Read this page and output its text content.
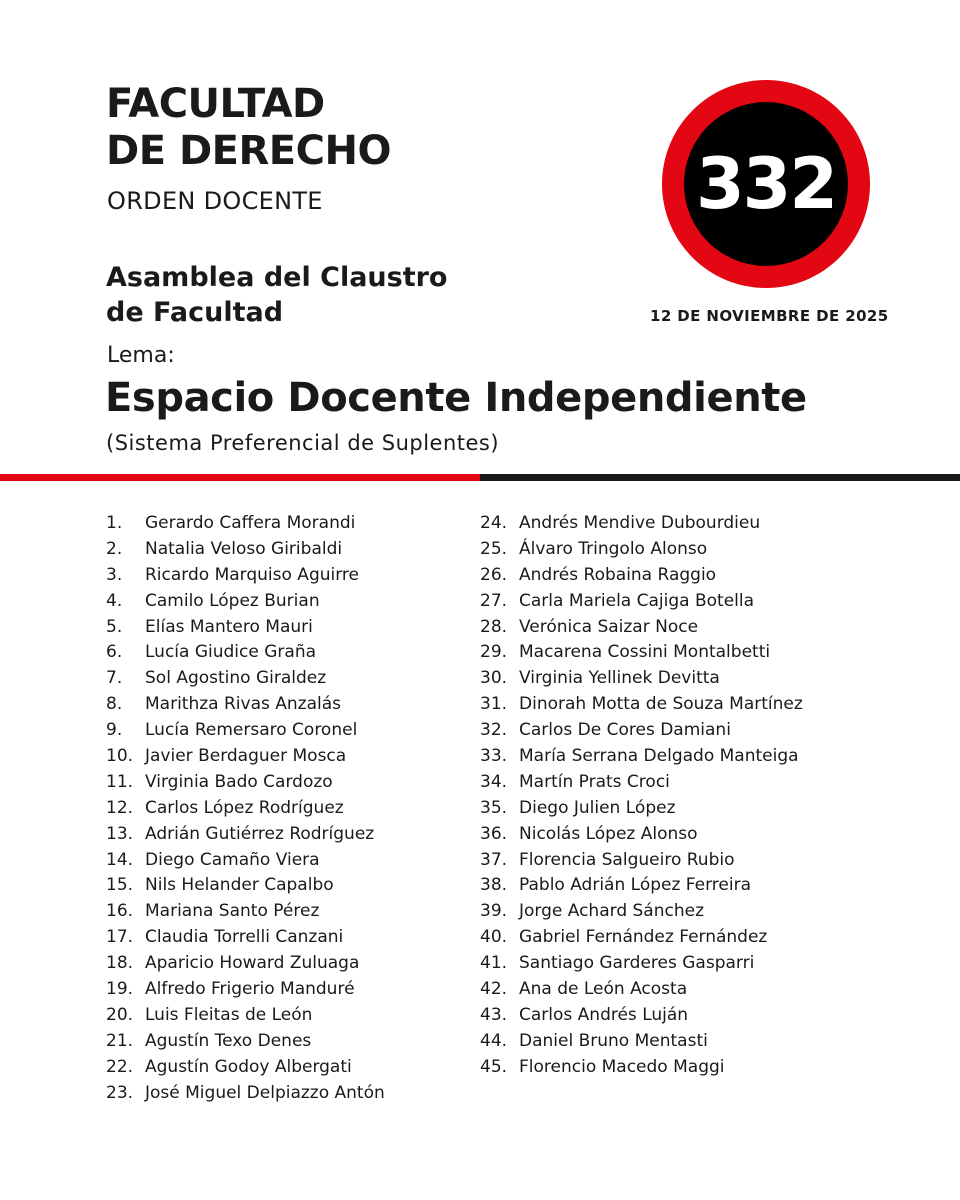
FACULTAD
DE DERECHO
ORDEN DOCENTE	332
12 DE NOVIEMBRE DE 2025
Asamblea del Claustro
de Facultad
Lema:
Espacio Docente Independiente
(Sistema Preferencial de Suplentes)
1. Gerardo Caffera Morandi
2. Natalia Veloso Giribaldi
3. Ricardo Marquiso Aguirre
4. Camilo López Burian
5. Elías Mantero Mauri
6. Lucía Giudice Graña
7. Sol Agostino Giraldez
8. Marithza Rivas Anzalás
9. Lucía Remersaro Coronel
10. Javier Berdaguer Mosca
11. Virginia Bado Cardozo
12. Carlos López Rodríguez
13. Adrián Gutiérrez Rodríguez
14. Diego Camaño Viera
15. Nils Helander Capalbo
16. Mariana Santo Pérez
17. Claudia Torrelli Canzani
18. Aparicio Howard Zuluaga
19. Alfredo Frigerio Manduré
20. Luis Fleitas de León
21. Agustín Texo Denes
22. Agustín Godoy Albergati
23. José Miguel Delpiazzo Antón
24. Andrés Mendive Dubourdieu
25. Álvaro Tringolo Alonso
26. Andrés Robaina Raggio
27. Carla Mariela Cajiga Botella
28. Verónica Saizar Noce
29. Macarena Cossini Montalbetti
30. Virginia Yellinek Devitta
31. Dinorah Motta de Souza Martínez
32. Carlos De Cores Damiani
33. María Serrana Delgado Manteiga
34. Martín Prats Croci
35. Diego Julien López
36. Nicolás López Alonso
37. Florencia Salgueiro Rubio
38. Pablo Adrián López Ferreira
39. Jorge Achard Sánchez
40. Gabriel Fernández Fernández
41. Santiago Garderes Gasparri
42. Ana de León Acosta
43. Carlos Andrés Luján
44. Daniel Bruno Mentasti
45. Florencio Macedo Maggi
